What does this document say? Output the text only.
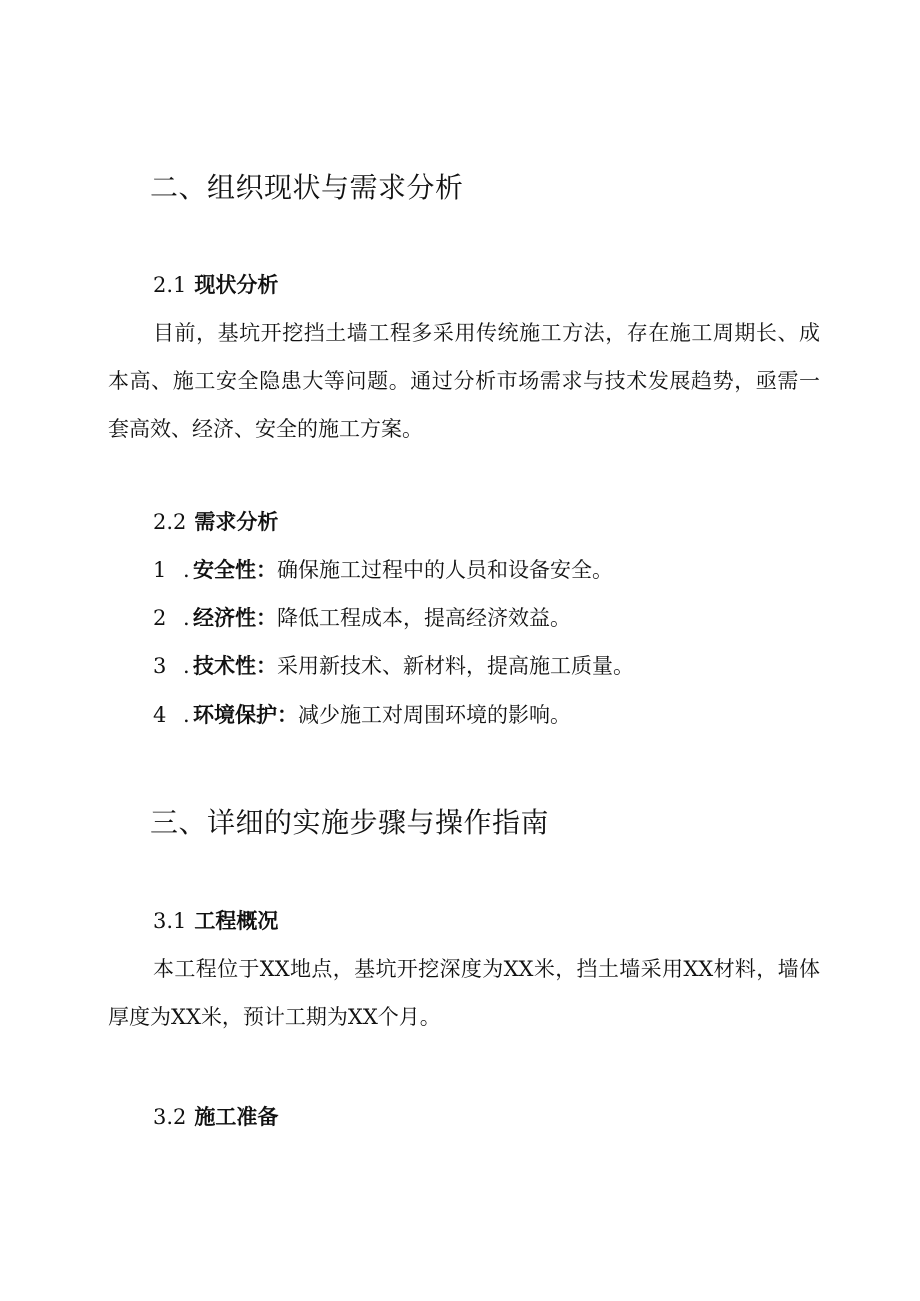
二、组织现状与需求分析
2.1 现状分析
目前，基坑开挖挡土墙工程多采用传统施工方法，存在施工周期长、成本高、施工安全隐患大等问题。通过分析市场需求与技术发展趋势，亟需一套高效、经济、安全的施工方案。
2.2 需求分析
1 . 安全性：确保施工过程中的人员和设备安全。
2 . 经济性：降低工程成本，提高经济效益。
3 . 技术性：采用新技术、新材料，提高施工质量。
4 . 环境保护：减少施工对周围环境的影响。
三、详细的实施步骤与操作指南
3.1 工程概况
本工程位于XX地点，基坑开挖深度为XX米，挡土墙采用XX材料，墙体厚度为XX米，预计工期为XX个月。
3.2 施工准备
